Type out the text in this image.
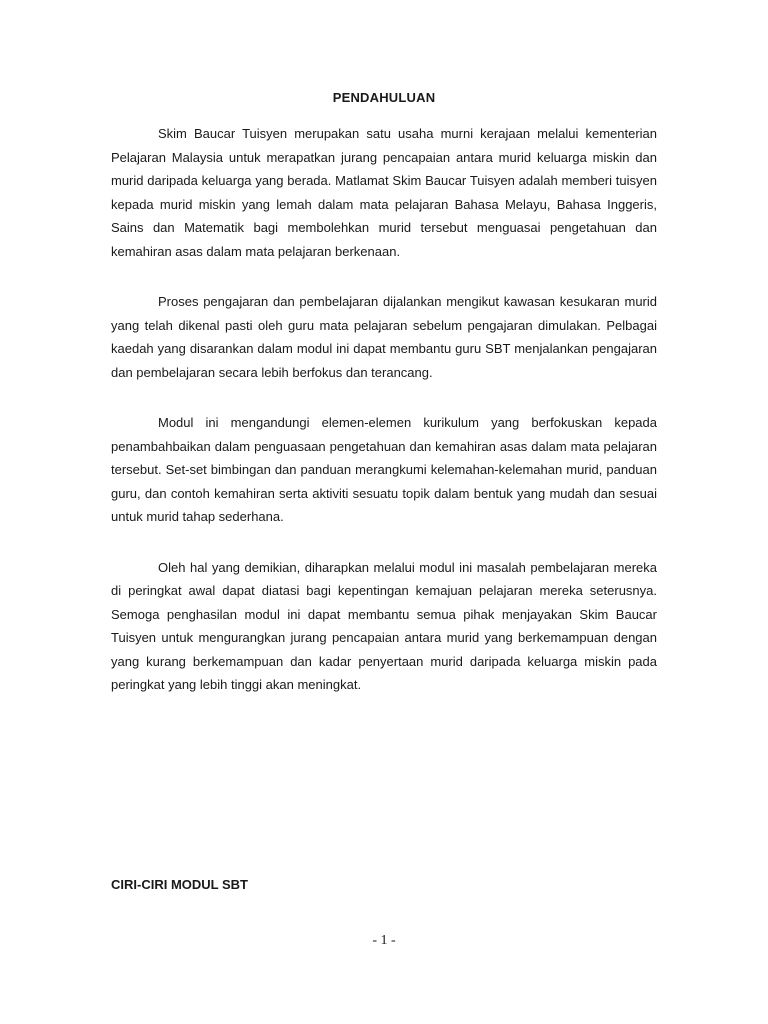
PENDAHULUAN

Skim Baucar Tuisyen merupakan satu usaha murni kerajaan melalui kementerian Pelajaran Malaysia untuk merapatkan jurang pencapaian antara murid keluarga miskin dan murid daripada keluarga yang berada. Matlamat Skim Baucar Tuisyen adalah memberi tuisyen kepada murid miskin yang lemah dalam mata pelajaran Bahasa Melayu, Bahasa Inggeris, Sains dan Matematik bagi membolehkan murid tersebut menguasai pengetahuan dan kemahiran asas dalam mata pelajaran berkenaan.

Proses pengajaran dan pembelajaran dijalankan mengikut kawasan kesukaran murid yang telah dikenal pasti oleh guru mata pelajaran sebelum pengajaran dimulakan. Pelbagai kaedah yang disarankan dalam modul ini dapat membantu guru SBT menjalankan pengajaran dan pembelajaran secara lebih berfokus dan terancang.

Modul ini mengandungi elemen-elemen kurikulum yang berfokuskan kepada penambahbaikan dalam penguasaan pengetahuan dan kemahiran asas dalam mata pelajaran tersebut. Set-set bimbingan dan panduan merangkumi kelemahan-kelemahan murid, panduan guru, dan contoh kemahiran serta aktiviti sesuatu topik dalam bentuk yang mudah dan sesuai untuk murid tahap sederhana.

Oleh hal yang demikian, diharapkan melalui modul ini masalah pembelajaran mereka di peringkat awal dapat diatasi bagi kepentingan kemajuan pelajaran mereka seterusnya. Semoga penghasilan modul ini dapat membantu semua pihak menjayakan Skim Baucar Tuisyen untuk mengurangkan jurang pencapaian antara murid yang berkemampuan dengan yang kurang berkemampuan dan kadar penyertaan murid daripada keluarga miskin pada peringkat yang lebih tinggi akan meningkat.

CIRI-CIRI MODUL SBT
- 1 -
